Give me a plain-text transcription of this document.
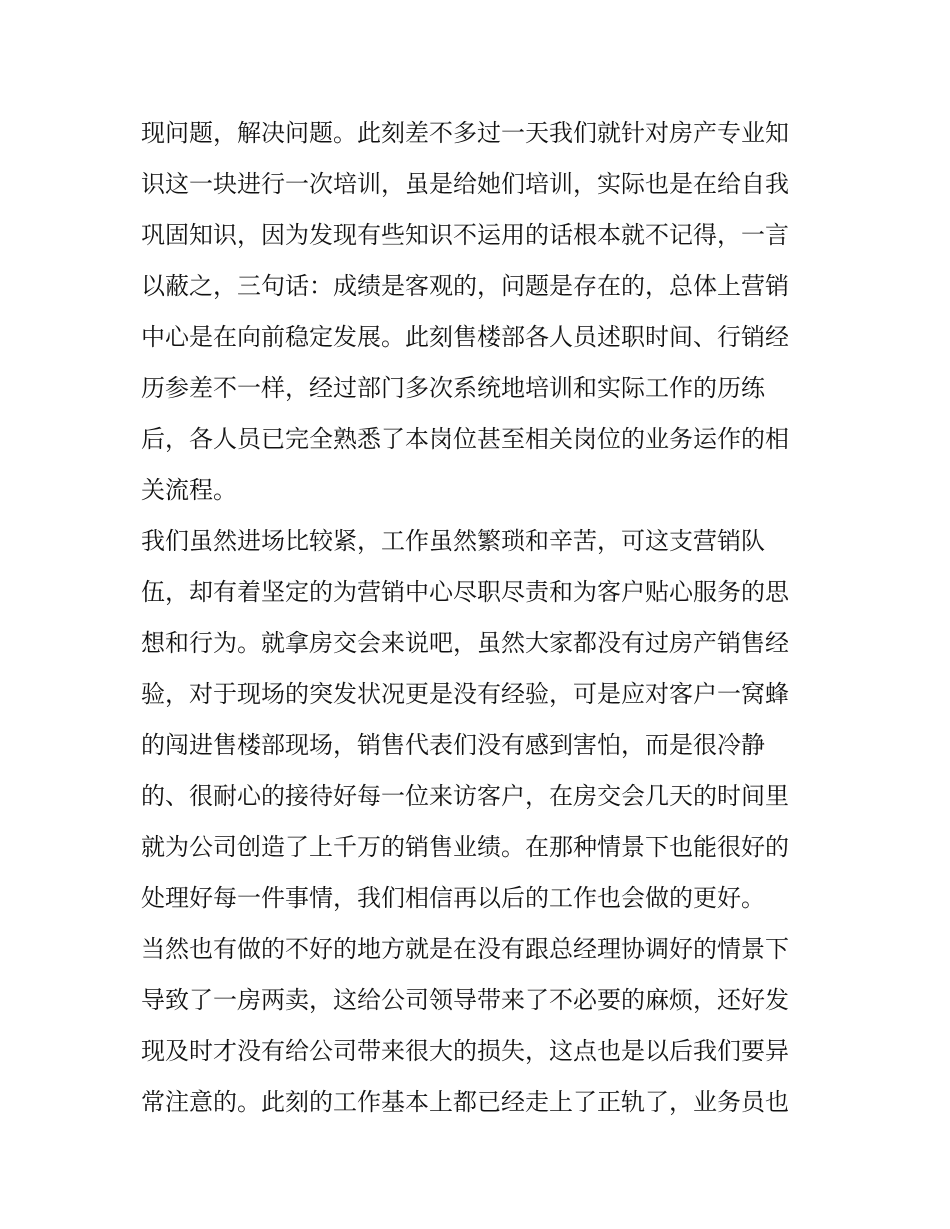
现问题，解决问题。此刻差不多过一天我们就针对房产专业知
识这一块进行一次培训，虽是给她们培训，实际也是在给自我
巩固知识，因为发现有些知识不运用的话根本就不记得，一言
以蔽之，三句话：成绩是客观的，问题是存在的，总体上营销
中心是在向前稳定发展。此刻售楼部各人员述职时间、行销经
历参差不一样，经过部门多次系统地培训和实际工作的历练
后，各人员已完全熟悉了本岗位甚至相关岗位的业务运作的相
关流程。
我们虽然进场比较紧，工作虽然繁琐和辛苦，可这支营销队
伍，却有着坚定的为营销中心尽职尽责和为客户贴心服务的思
想和行为。就拿房交会来说吧，虽然大家都没有过房产销售经
验，对于现场的突发状况更是没有经验，可是应对客户一窝蜂
的闯进售楼部现场，销售代表们没有感到害怕，而是很冷静
的、很耐心的接待好每一位来访客户，在房交会几天的时间里
就为公司创造了上千万的销售业绩。在那种情景下也能很好的
处理好每一件事情，我们相信再以后的工作也会做的更好。
当然也有做的不好的地方就是在没有跟总经理协调好的情景下
导致了一房两卖，这给公司领导带来了不必要的麻烦，还好发
现及时才没有给公司带来很大的损失，这点也是以后我们要异
常注意的。此刻的工作基本上都已经走上了正轨了，业务员也
